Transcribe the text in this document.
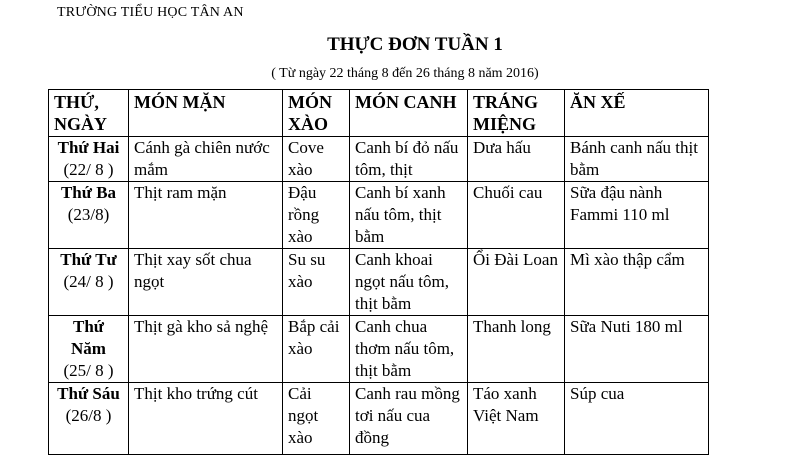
TRƯỜNG TIỂU HỌC TÂN AN
THỰC ĐƠN TUẦN 1
( Từ ngày 22 tháng 8 đến 26 tháng 8 năm 2016)
THỨ, NGÀY	MÓN MẶN	MÓN XÀO	MÓN CANH	TRÁNG MIỆNG	ĂN XẾ

Thứ Hai
(22/ 8 )	Cánh gà chiên nước mắm	Cove xào	Canh bí đỏ nấu tôm, thịt	Dưa hấu	Bánh canh nấu thịt bằm

Thứ Ba
(23/8)	Thịt ram mặn	Đậu rồng xào	Canh bí xanh nấu tôm, thịt bằm	Chuối cau	Sữa đậu nành Fammi 110 ml

Thứ Tư
(24/ 8 )	Thịt xay sốt chua ngọt	Su su xào	Canh khoai ngọt nấu tôm, thịt bằm	Ổi Đài Loan	Mì xào thập cẩm

Thứ Năm
(25/ 8 )	Thịt gà kho sả nghệ	Bắp cải xào	Canh chua thơm nấu tôm, thịt bằm	Thanh long	Sữa Nuti 180 ml

Thứ Sáu
(26/8 )	Thịt kho trứng cút	Cải ngọt xào	Canh rau mồng tơi nấu cua đồng	Táo xanh Việt Nam	Súp cua
